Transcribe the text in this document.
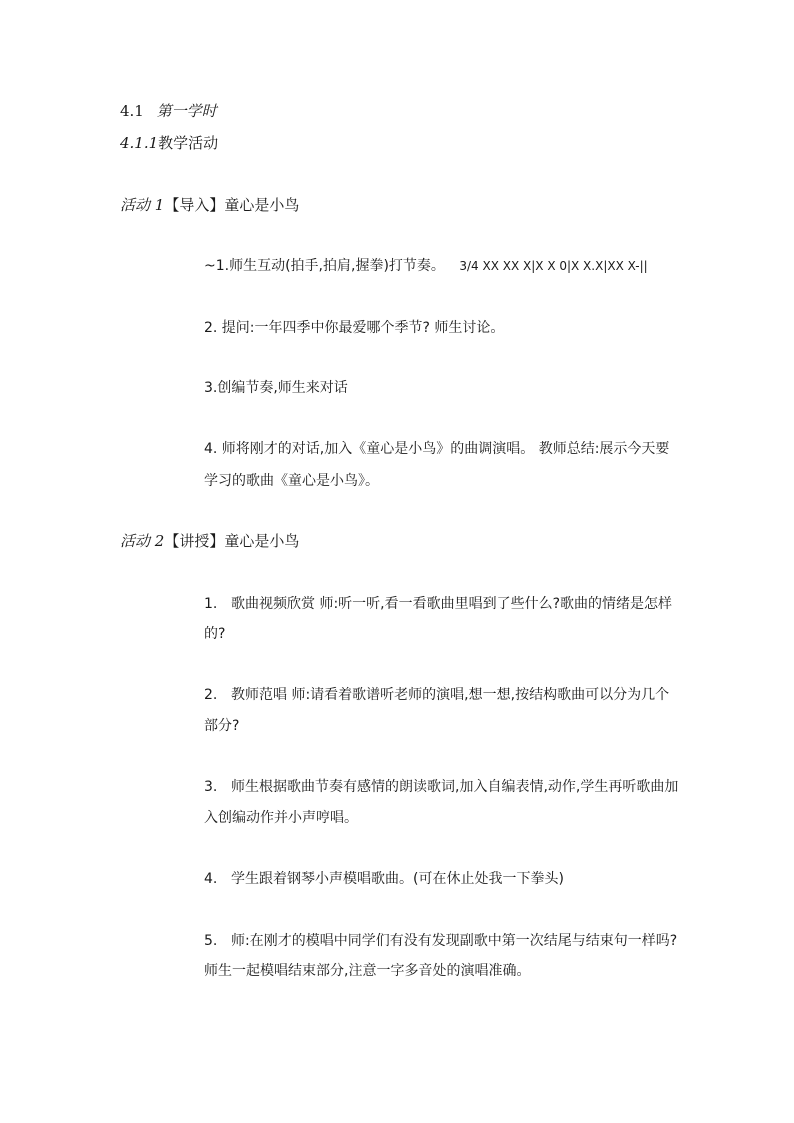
4.1 第一学时
4.1.1教学活动
活动 1【导入】童心是小鸟
~1.师生互动(拍手,拍肩,握拳)打节奏。 3/4 XX XX X|X X 0|X X.X|XX X-||
2. 提问:一年四季中你最爱哪个季节? 师生讨论。
3.创编节奏,师生来对话
4. 师将刚才的对话,加入《童心是小鸟》的曲调演唱。 教师总结:展示今天要
学习的歌曲《童心是小鸟》。
活动 2【讲授】童心是小鸟
1. 歌曲视频欣赏 师:听一听,看一看歌曲里唱到了些什么?歌曲的情绪是怎样
的?
2. 教师范唱 师:请看着歌谱听老师的演唱,想一想,按结构歌曲可以分为几个
部分?
3. 师生根据歌曲节奏有感情的朗读歌词,加入自编表情,动作,学生再听歌曲加
入创编动作并小声哼唱。
4. 学生跟着钢琴小声模唱歌曲。(可在休止处我一下拳头)
5. 师:在刚才的模唱中同学们有没有发现副歌中第一次结尾与结束句一样吗?
师生一起模唱结束部分,注意一字多音处的演唱准确。
